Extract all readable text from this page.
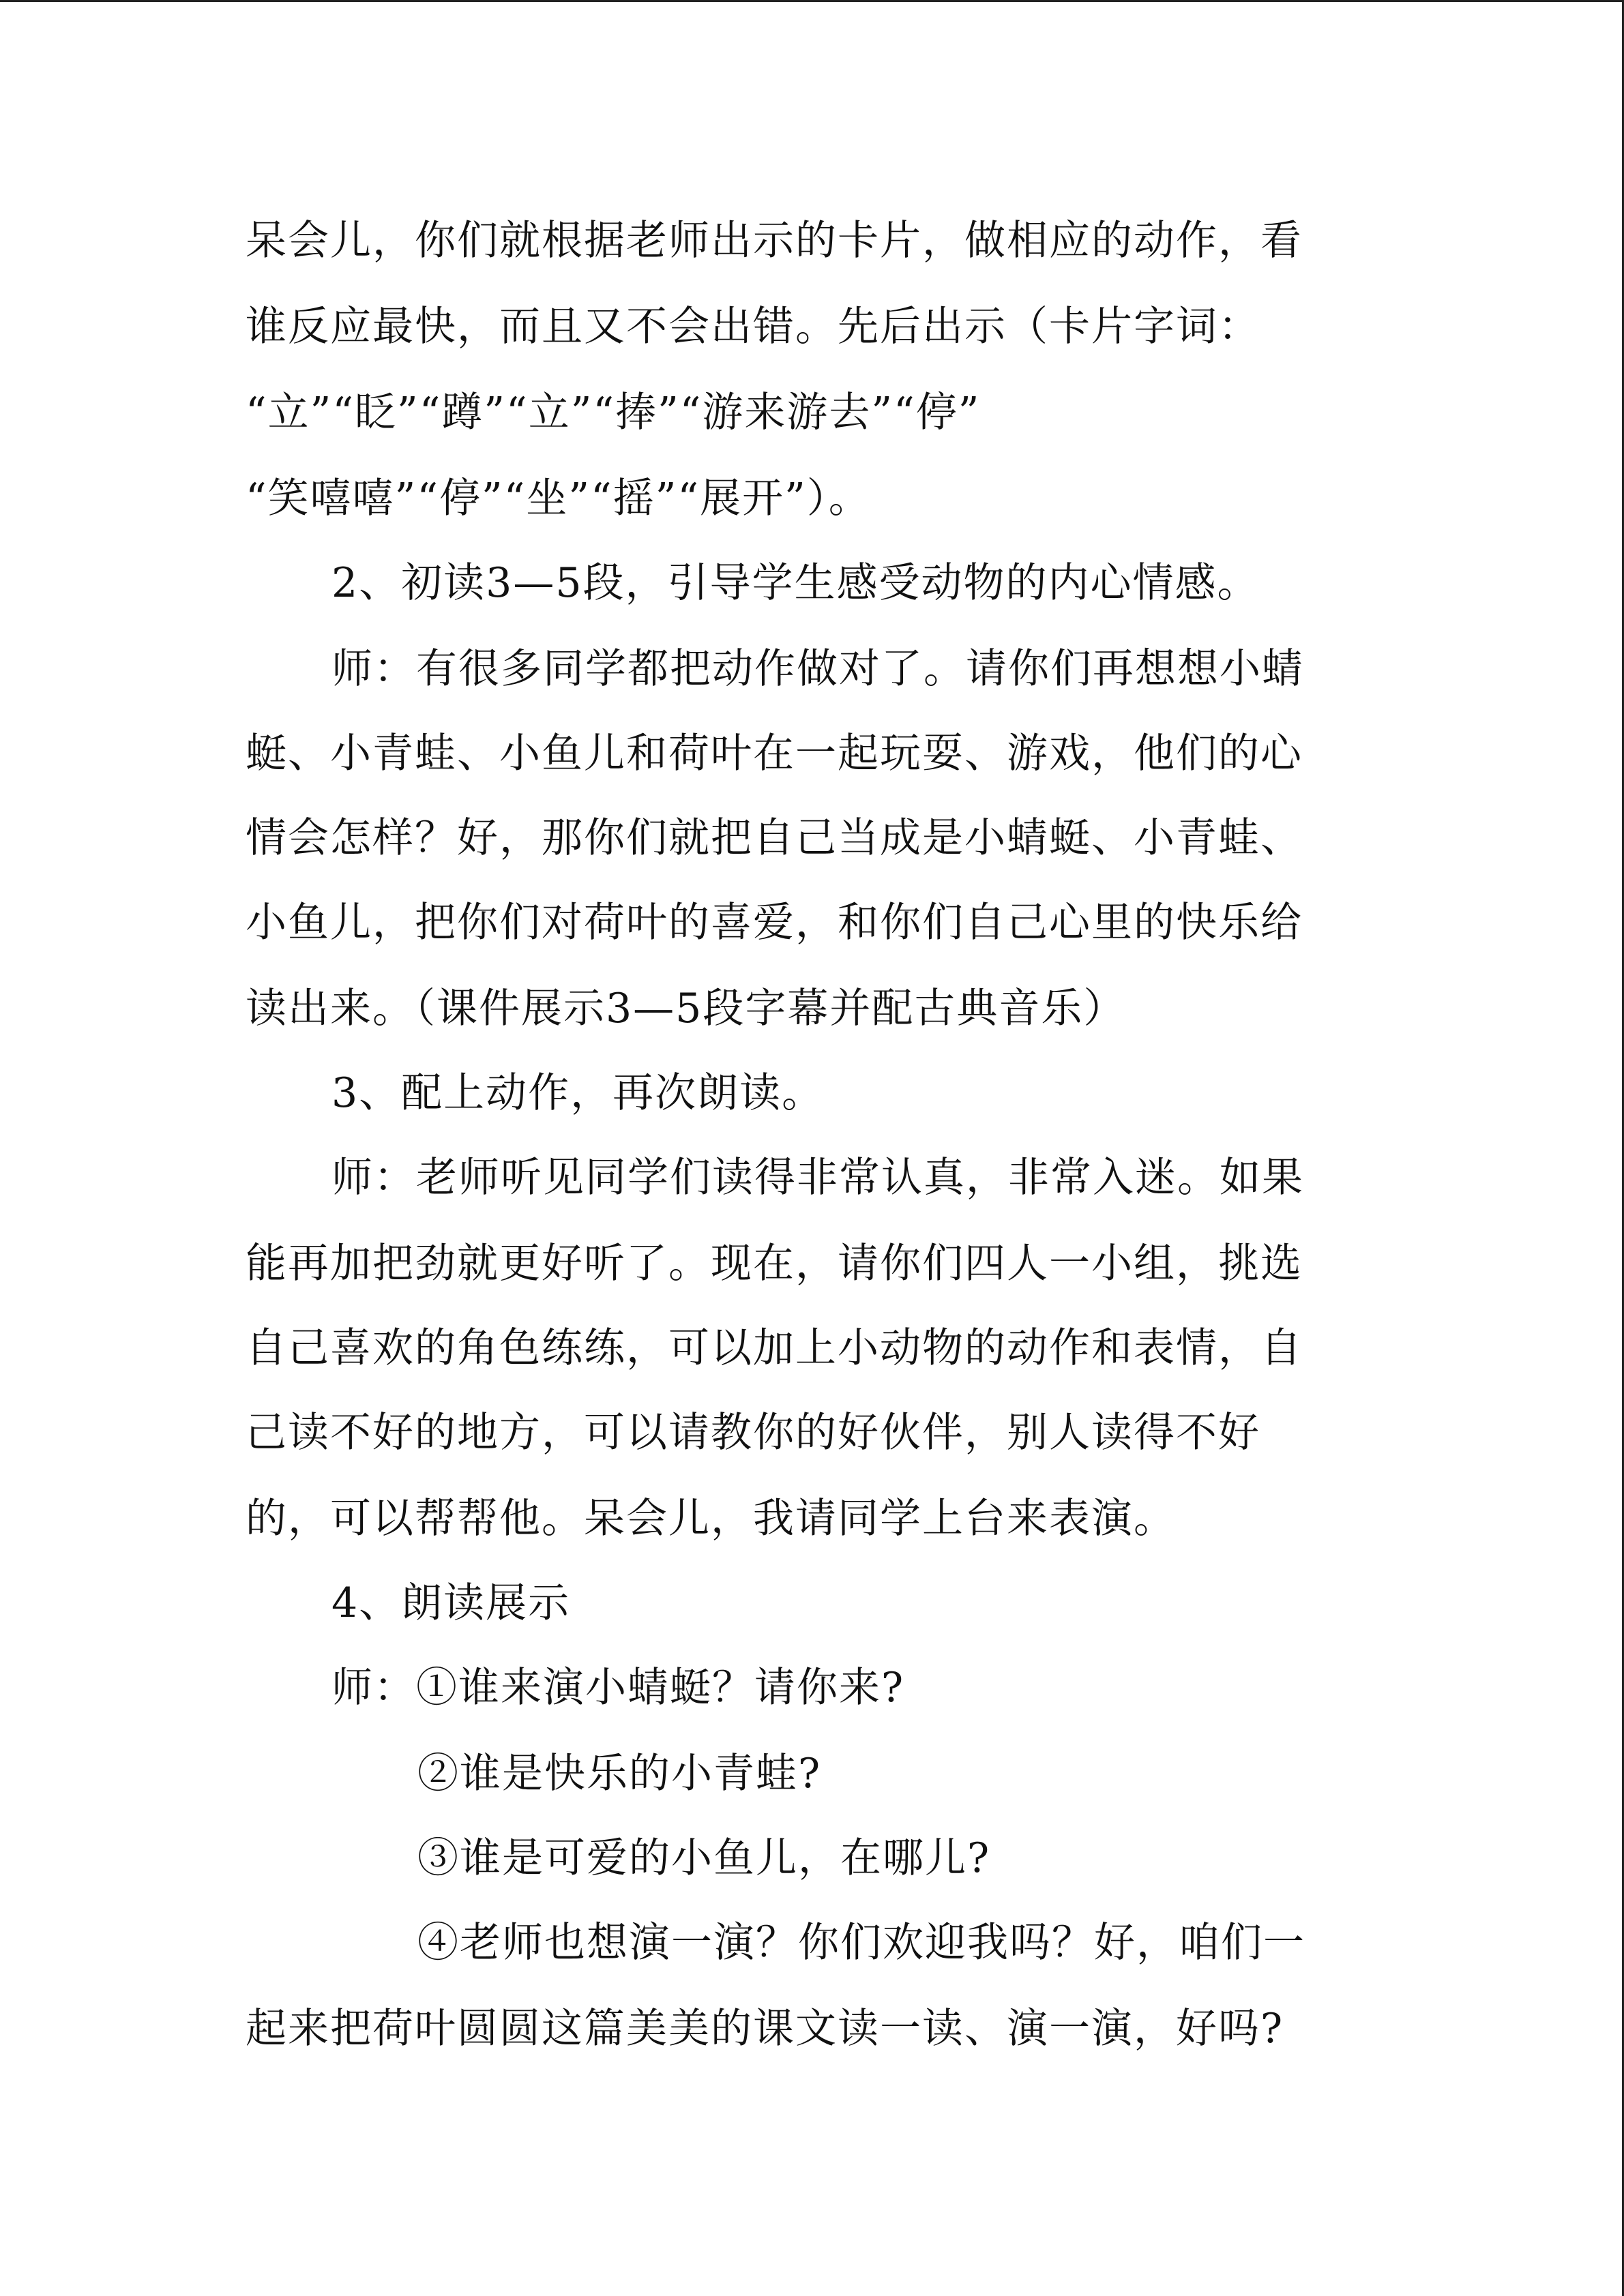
呆会儿，你们就根据老师出示的卡片，做相应的动作，看
谁反应最快，而且又不会出错。先后出示（卡片字词：
“立”“眨”“蹲”“立”“捧”“游来游去”“停”
“笑嘻嘻”“停”“坐”“摇”“展开”）。
2、初读3—5段，引导学生感受动物的内心情感。
师：有很多同学都把动作做对了。请你们再想想小蜻
蜓、小青蛙、小鱼儿和荷叶在一起玩耍、游戏，他们的心
情会怎样？好，那你们就把自己当成是小蜻蜓、小青蛙、
小鱼儿，把你们对荷叶的喜爱，和你们自己心里的快乐给
读出来。（课件展示3—5段字幕并配古典音乐）
3、配上动作，再次朗读。
师：老师听见同学们读得非常认真，非常入迷。如果
能再加把劲就更好听了。现在，请你们四人一小组，挑选
自己喜欢的角色练练，可以加上小动物的动作和表情，自
己读不好的地方，可以请教你的好伙伴，别人读得不好
的，可以帮帮他。呆会儿，我请同学上台来表演。
4、朗读展示
师：①谁来演小蜻蜓？请你来?
②谁是快乐的小青蛙?
③谁是可爱的小鱼儿，在哪儿?
④老师也想演一演？你们欢迎我吗？好，咱们一
起来把荷叶圆圆这篇美美的课文读一读、演一演，好吗?
